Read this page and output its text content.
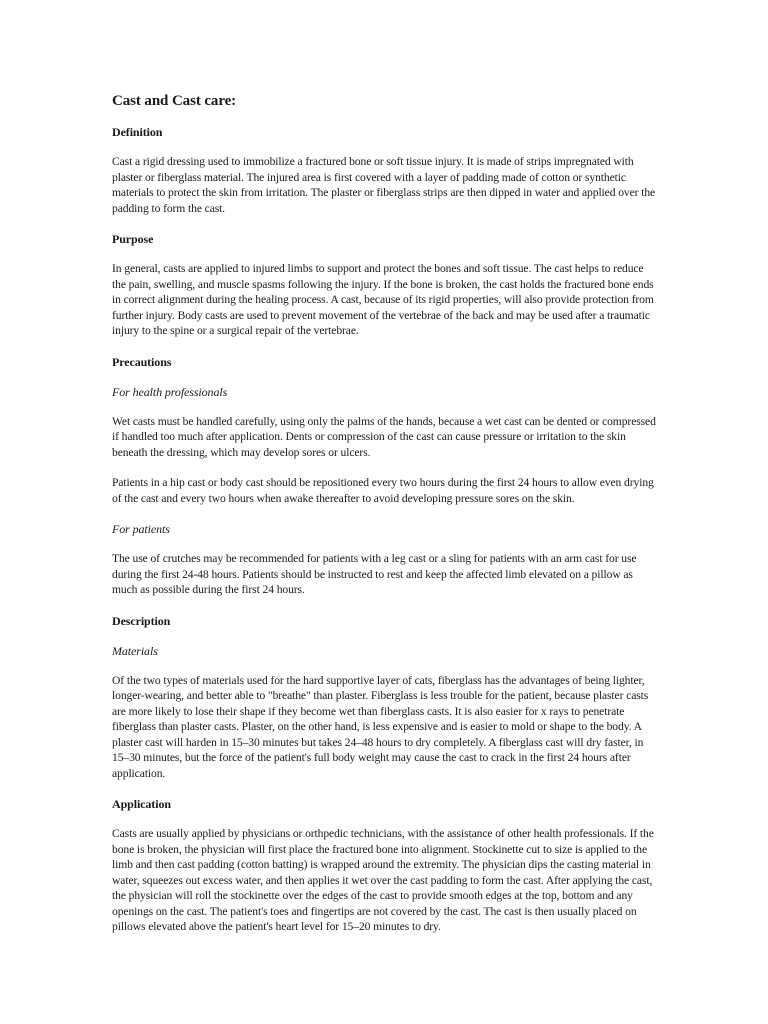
Cast and Cast care:
Definition

Cast a rigid dressing used to immobilize a fractured bone or soft tissue injury. It is made of strips impregnated with plaster or fiberglass material. The injured area is first covered with a layer of padding made of cotton or synthetic materials to protect the skin from irritation. The plaster or fiberglass strips are then dipped in water and applied over the padding to form the cast.

Purpose

In general, casts are applied to injured limbs to support and protect the bones and soft tissue. The cast helps to reduce the pain, swelling, and muscle spasms following the injury. If the bone is broken, the cast holds the fractured bone ends in correct alignment during the healing process. A cast, because of its rigid properties, will also provide protection from further injury. Body casts are used to prevent movement of the vertebrae of the back and may be used after a traumatic injury to the spine or a surgical repair of the vertebrae.

Precautions
For health professionals

Wet casts must be handled carefully, using only the palms of the hands, because a wet cast can be dented or compressed if handled too much after application. Dents or compression of the cast can cause pressure or irritation to the skin beneath the dressing, which may develop sores or ulcers.

Patients in a hip cast or body cast should be repositioned every two hours during the first 24 hours to allow even drying of the cast and every two hours when awake thereafter to avoid developing pressure sores on the skin.

For patients

The use of crutches may be recommended for patients with a leg cast or a sling for patients with an arm cast for use during the first 24-48 hours. Patients should be instructed to rest and keep the affected limb elevated on a pillow as much as possible during the first 24 hours.

Description
Materials

Of the two types of materials used for the hard supportive layer of cats, fiberglass has the advantages of being lighter, longer-wearing, and better able to "breathe" than plaster. Fiberglass is less trouble for the patient, because plaster casts are more likely to lose their shape if they become wet than fiberglass casts. It is also easier for x rays to penetrate fiberglass than plaster casts. Plaster, on the other hand, is less expensive and is easier to mold or shape to the body. A plaster cast will harden in 15–30 minutes but takes 24–48 hours to dry completely. A fiberglass cast will dry faster, in 15–30 minutes, but the force of the patient's full body weight may cause the cast to crack in the first 24 hours after application.

Application

Casts are usually applied by physicians or orthpedic technicians, with the assistance of other health professionals. If the bone is broken, the physician will first place the fractured bone into alignment. Stockinette cut to size is applied to the limb and then cast padding (cotton batting) is wrapped around the extremity. The physician dips the casting material in water, squeezes out excess water, and then applies it wet over the cast padding to form the cast. After applying the cast, the physician will roll the stockinette over the edges of the cast to provide smooth edges at the top, bottom and any openings on the cast. The patient's toes and fingertips are not covered by the cast. The cast is then usually placed on pillows elevated above the patient's heart level for 15–20 minutes to dry.
